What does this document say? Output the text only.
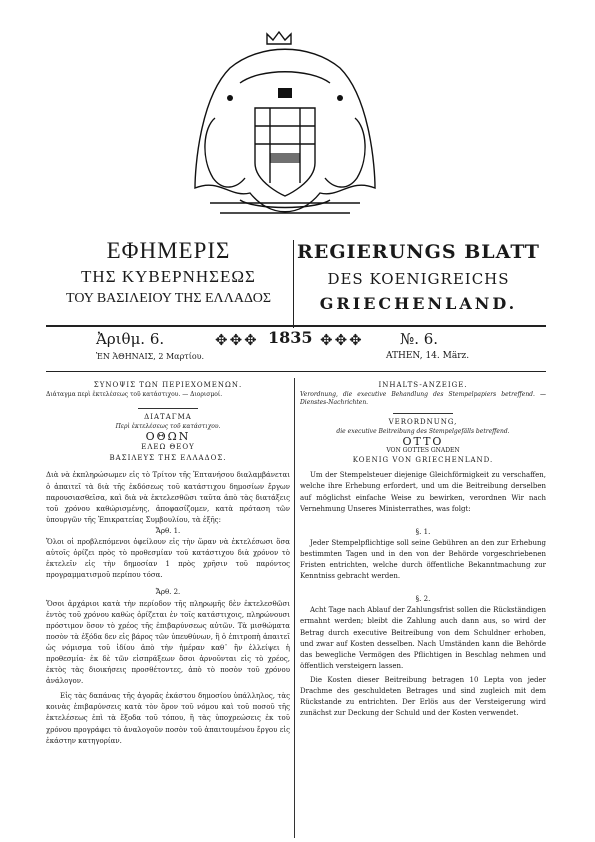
ΕΦΗΜΕΡΙΣ
ΤΗΣ ΚΥΒΕΡΝΗΣΕΩΣ
ΤΟΥ ΒΑΣΙΛΕΙΟΥ ΤΗΣ ΕΛΛΑΔΟΣ
REGIERUNGS BLATT
DES KOENIGREICHS
GRIECHENLAND.
Ἀριθμ. 6.	✥✥✥ 1835 ✥✥✥ №. 6.
ἘΝ ἈΘΗΝΑΙΣ, 2 Μαρτίου.	ATHEN, 14. März.
ΣΥΝΟΨΙΣ ΤΩΝ ΠΕΡΙΕΧΟΜΕΝΩΝ.
Διάταγμα περὶ ἐκτελέσεως τοῦ κατάστιχου. — Διορισμοί.
ΔΙΑΤΑΓΜΑ
Περὶ ἐκτελέσεως τοῦ κατάστιχου.
ΟΘΩΝ
ΕΛΕΩ ΘΕΟΥ
ΒΑΣΙΛΕΥΣ ΤΗΣ ΕΛΛΑΔΟΣ.

Διὰ νὰ ἐκπληρώσωμεν εἰς τὸ Τρίτον τῆς Ἑπτανήσου διαλαμβάνεται ὁ ἀπαιτεῖ τὰ διὰ τῆς ἐκδόσεως τοῦ κατάστιχου δημοσίων ἔργων παρουσιασθεῖσα, καὶ διὰ νὰ ἐκτελεσθῶσι ταῦτα ἀπὸ τὰς διατάξεις τοῦ χρόνου καθώρισμένης, ἀποφασίζομεν, κατὰ πρόταση τῶν ὑπουργῶν τῆς Ἐπικρατείας Συμβουλίου, τὰ ἑξῆς:

Ἄρθ. 1.

Ὅλοι οἱ προβλεπόμενοι ὀφείλουν εἰς τὴν ὥραν νὰ ἐκτελέσωσι ὅσα αὐτοῖς ὁρίζει πρὸς τὸ προθεσμίαν τοῦ κατάστιχου διὰ χρόνον τὸ ἐκτελεῖν εἰς τὴν δημοσίαν 1 πρὸς χρῆσιν τοῦ παρόντος προγραμματισμοῦ περίπου τόσα.

Ἄρθ. 2.

Ὅσοι ἀρχάριοι κατὰ τὴν περίοδον τῆς πληρωμῆς δὲν ἐκτελεσθῶσι ἐντὸς τοῦ χρόνου καθὼς ὁρίζεται ἐν τοῖς κατάστιχοις, πληρώνουσι πρόστιμον ὅσον τὸ χρέος τῆς ἐπιβαρύνσεως αὐτῶν. Τὰ μισθώματα ποσὸν τὰ ἐξόδα δεν εἰς βάρος τῶν ὑπευθύνων, ἢ ὁ ἐπιτροπὴ ἀπαιτεῖ ὡς νόμισμα τοῦ ἰδίου ἀπὸ τὴν ἡμέραν καθ᾽ ἣν ἐλλείψει ἡ προθεσμία· ἐκ δὲ τῶν εἰσπράξεων ὅσοι ἀρνοῦνται εἰς τὸ χρέος, ἐκτὸς τὰς διοικήσεις προσθέτοντες, ἀπὸ τὸ ποσὸν τοῦ χρόνου ἀνάλογον.

Εἰς τὰς δαπάνας τῆς ἀγορᾶς ἑκάστου δημοσίου ὑπάλληλος, τὰς κοινὰς ἐπιβαρύνσεις κατὰ τὸν ὅρον τοῦ νόμου καὶ τοῦ ποσοῦ τῆς ἐκτελέσεως ἐπὶ τὰ ἔξοδα τοῦ τόπου, ἢ τὰς ὑποχρεώσεις ἐκ τοῦ χρόνου προγράφει τὸ ἀναλογοῦν ποσὸν τοῦ ἀπαιτουμένου ἔργου εἰς ἑκάστην κατηγορίαν.

INHALTS-ANZEIGE.
Verordnung, die executive Behandlung des Stempelpapiers betreffend. — Dienstes-Nachrichten.
VERORDNUNG,
die executive Beitreibung des Stempelgefälls betreffend.
OTTO
VON GOTTES GNADEN
KOENIG VON GRIECHENLAND.

Um der Stempelsteuer diejenige Gleichförmigkeit zu verschaffen, welche ihre Erhebung erfordert, und um die Beitreibung derselben auf möglichst einfache Weise zu bewirken, verordnen Wir nach Vernehmung Unseres Ministerrathes, was folgt:

§. 1.

Jeder Stempelpflichtige soll seine Gebühren an den zur Erhebung bestimmten Tagen und in den von der Behörde vorgeschriebenen Fristen entrichten, welche durch öffentliche Bekanntmachung zur Kenntniss gebracht werden.

§. 2.

Acht Tage nach Ablauf der Zahlungsfrist sollen die Rückständigen ermahnt werden; bleibt die Zahlung auch dann aus, so wird der Betrag durch executive Beitreibung von dem Schuldner erhoben, und zwar auf Kosten desselben. Nach Umständen kann die Behörde das bewegliche Vermögen des Pflichtigen in Beschlag nehmen und öffentlich versteigern lassen.

Die Kosten dieser Beitreibung betragen 10 Lepta von jeder Drachme des geschuldeten Betrages und sind zugleich mit dem Rückstande zu entrichten. Der Erlös aus der Versteigerung wird zunächst zur Deckung der Schuld und der Kosten verwendet.
